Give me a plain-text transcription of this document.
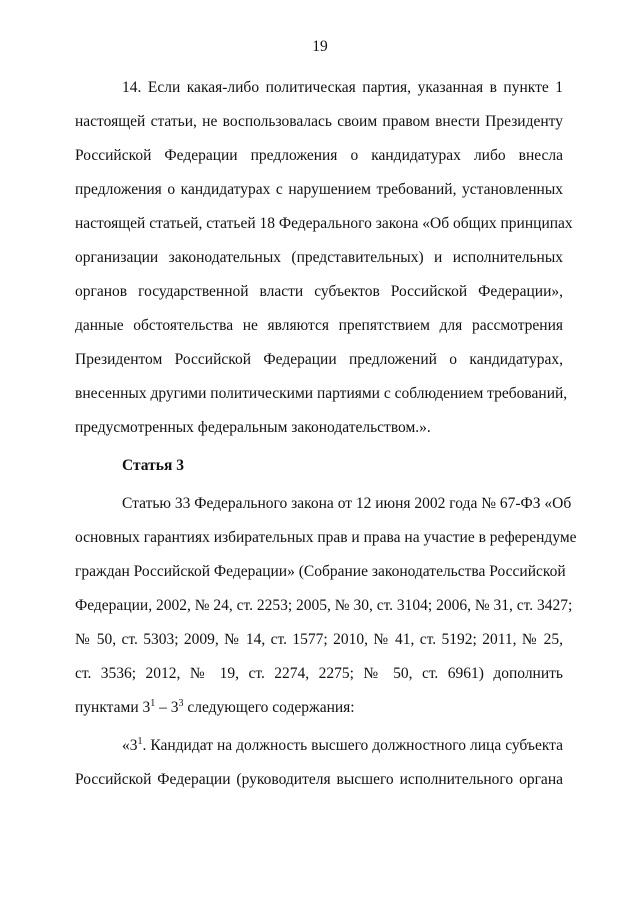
19
14. Если какая-либо политическая партия, указанная в пункте 1
настоящей статьи, не воспользовалась своим правом внести Президенту
Российской Федерации предложения о кандидатурах либо внесла
предложения о кандидатурах с нарушением требований, установленных
настоящей статьей, статьей 18 Федерального закона «Об общих принципах
организации законодательных (представительных) и исполнительных
органов государственной власти субъектов Российской Федерации»,
данные обстоятельства не являются препятствием для рассмотрения
Президентом Российской Федерации предложений о кандидатурах,
внесенных другими политическими партиями с соблюдением требований,
предусмотренных федеральным законодательством.».
Статья 3
Статью 33 Федерального закона от 12 июня 2002 года № 67-ФЗ «Об
основных гарантиях избирательных прав и права на участие в референдуме
граждан Российской Федерации» (Собрание законодательства Российской
Федерации, 2002, № 24, ст. 2253; 2005, № 30, ст. 3104; 2006, № 31, ст. 3427;
№ 50, ст. 5303; 2009, № 14, ст. 1577; 2010, № 41, ст. 5192; 2011, № 25,
ст. 3536; 2012, № 19, ст. 2274, 2275; № 50, ст. 6961) дополнить
пунктами $3^1 - 3^3$ следующего содержания:
«$3^1$. Кандидат на должность высшего должностного лица субъекта
Российской Федерации (руководителя высшего исполнительного органа
